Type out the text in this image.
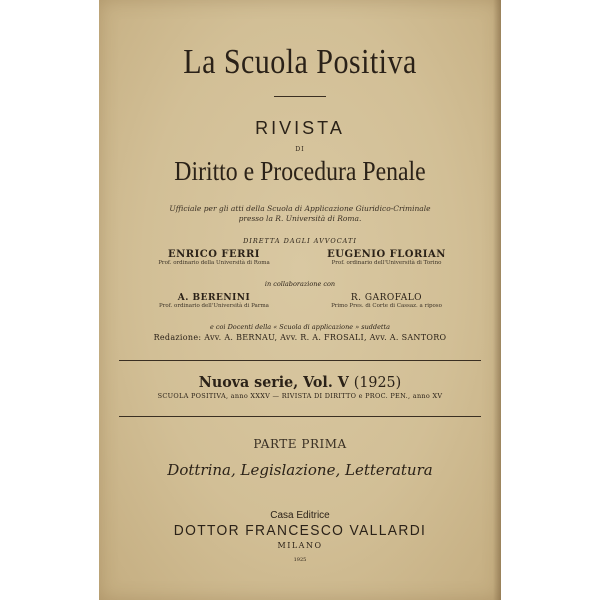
La Scuola Positiva
RIVISTA
DI
Diritto e Procedura Penale
Ufficiale per gli atti della Scuola di Applicazione Giuridico-Criminale
presso la R. Università di Roma.
DIRETTA DAGLI AVVOCATI
ENRICO FERRI
Prof. ordinario della Università di Roma
EUGENIO FLORIAN
Prof. ordinario dell'Università di Torino
in collaborazione con
A. BERENINI
Prof. ordinario dell'Università di Parma
R. GAROFALO
Primo Pres. di Corte di Cassaz. a riposo
e coi Docenti della « Scuola di applicazione » suddetta
Redazione: Avv. A. BERNAU, Avv. R. A. FROSALI, Avv. A. SANTORO
Nuova serie, Vol. V (1925)
SCUOLA POSITIVA, anno XXXV — RIVISTA DI DIRITTO e PROC. PEN., anno XV
PARTE PRIMA
Dottrina, Legislazione, Letteratura
Casa Editrice
DOTTOR FRANCESCO VALLARDI
MILANO
1925
